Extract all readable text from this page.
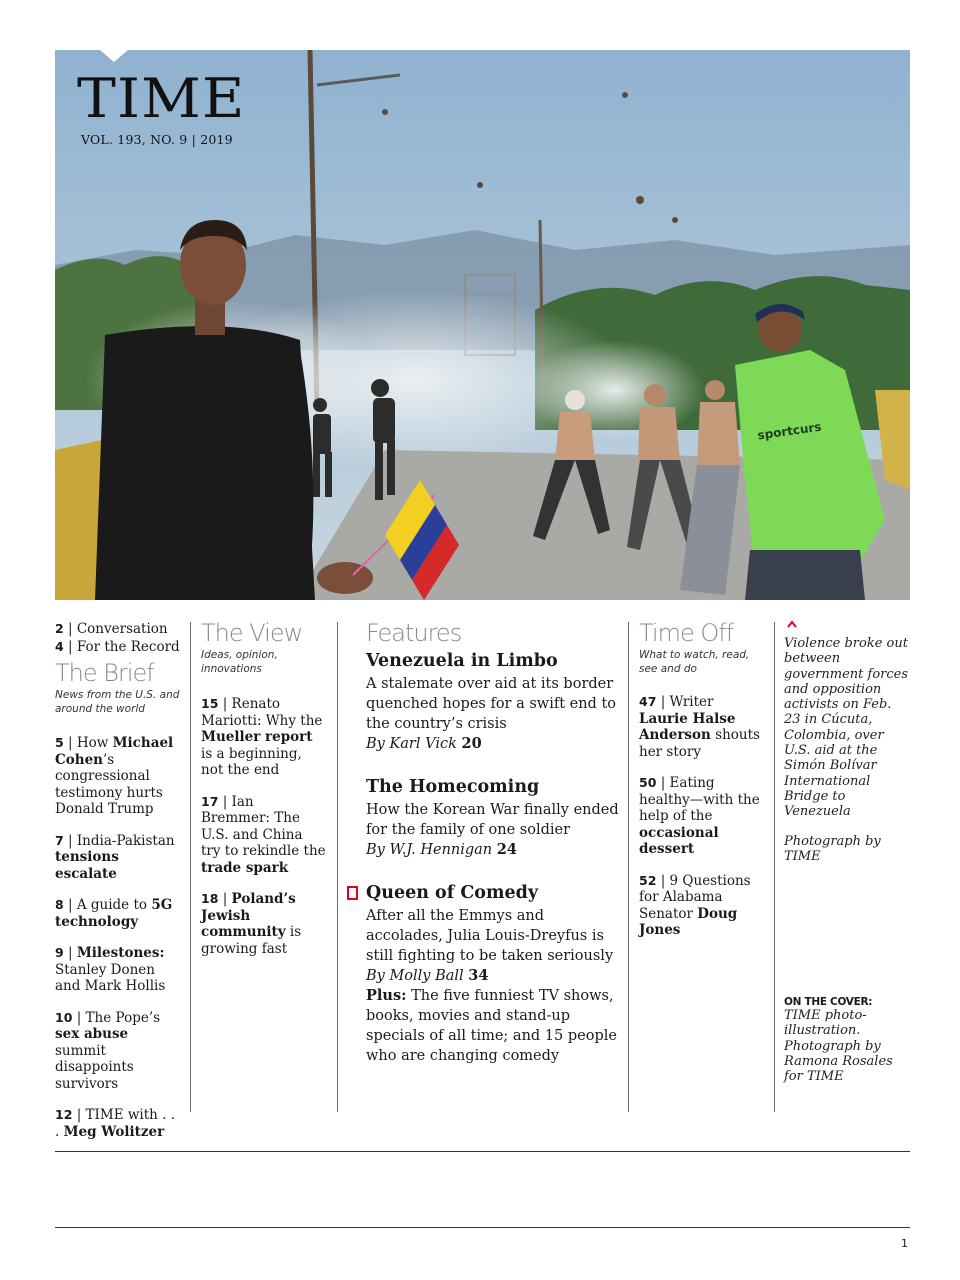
sportcurs
TIME
VOL. 193, NO. 9 | 2019
2 | Conversation
4 | For the Record
The Brief
News from the U.S. and around the world
5 | How Michael Cohen’s congressional testimony hurts Donald Trump
7 | India-Pakistan tensions escalate
8 | A guide to 5G technology
9 | Milestones: Stanley Donen and Mark Hollis
10 | The Pope’s sex abuse summit disappoints survivors
12 | TIME with . . . Meg Wolitzer
The View
Ideas, opinion, innovations
15 | Renato Mariotti: Why the Mueller report is a beginning, not the end
17 | Ian Bremmer: The U.S. and China try to rekindle the trade spark
18 | Poland’s Jewish community is growing fast
Features
Venezuela in Limbo
A stalemate over aid at its border quenched hopes for a swift end to the country’s crisis
By Karl Vick 20
The Homecoming
How the Korean War finally ended for the family of one soldier
By W.J. Hennigan 24
Queen of Comedy
After all the Emmys and accolades, Julia Louis-Dreyfus is still fighting to be taken seriously
By Molly Ball 34
Plus: The five funniest TV shows, books, movies and stand-up specials of all time; and 15 people who are changing comedy
Time Off
What to watch, read, see and do
47 | Writer Laurie Halse Anderson shouts her story
50 | Eating healthy—with the help of the occasional dessert
52 | 9 Questions for Alabama Senator Doug Jones
Violence broke out between government forces and opposition activists on Feb. 23 in Cúcuta, Colombia, over U.S. aid at the Simón Bolívar International Bridge to Venezuela
Photograph by TIME
ON THE COVER:
TIME photo-illustration. Photograph by Ramona Rosales for TIME
1
